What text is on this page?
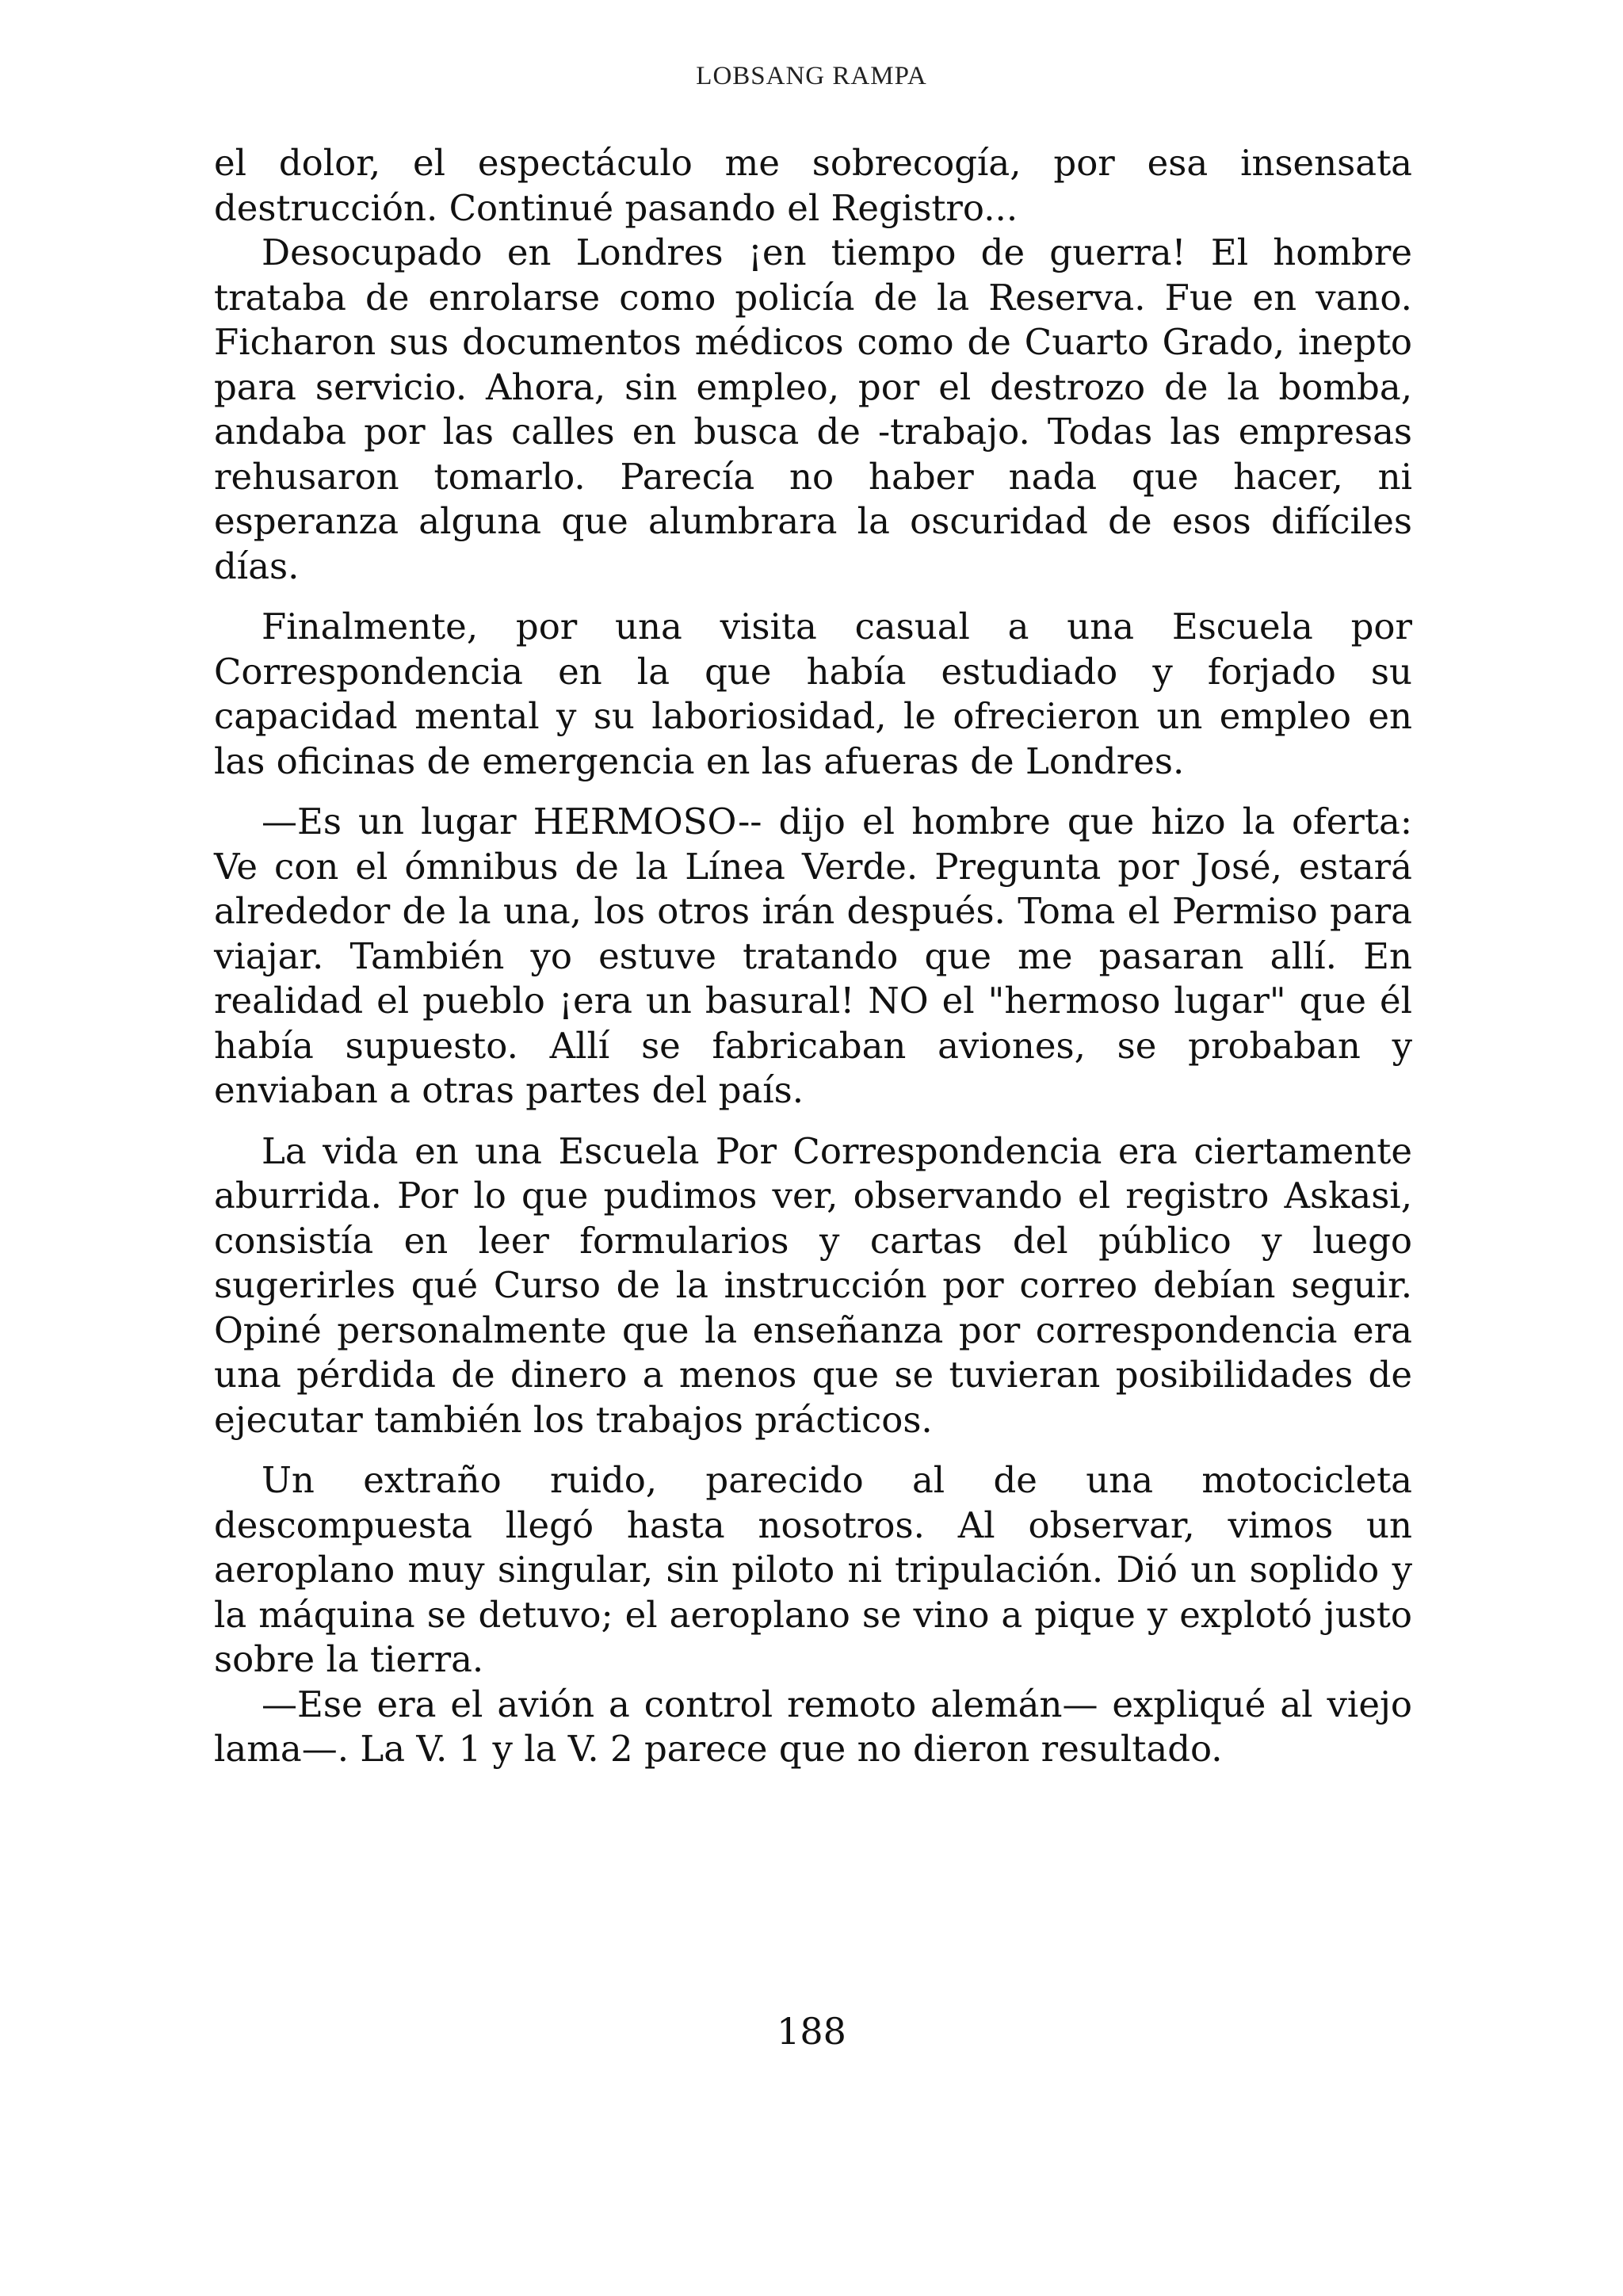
LOBSANG RAMPA

el dolor, el espectáculo me sobrecogía, por esa insensata destrucción. Continué pasando el Registro...

Desocupado en Londres ¡en tiempo de guerra! El hombre trataba de enrolarse como policía de la Reserva. Fue en vano. Ficharon sus documentos médicos como de Cuarto Grado, inepto para servicio. Ahora, sin empleo, por el destrozo de la bomba, andaba por las calles en busca de -trabajo. Todas las empresas rehusaron tomarlo. Parecía no haber nada que hacer, ni esperanza alguna que alumbrara la oscuridad de esos difíciles días.

Finalmente, por una visita casual a una Escuela por Correspondencia en la que había estudiado y forjado su capacidad mental y su laboriosidad, le ofrecieron un empleo en las oficinas de emergencia en las afueras de Londres.

—Es un lugar HERMOSO-- dijo el hombre que hizo la oferta: Ve con el ómnibus de la Línea Verde. Pregunta por José, estará alrededor de la una, los otros irán después. Toma el Permiso para viajar. También yo estuve tratando que me pasaran allí. En realidad el pueblo ¡era un basural! NO el "hermoso lugar" que él había supuesto. Allí se fabricaban aviones, se probaban y enviaban a otras partes del país.

La vida en una Escuela Por Correspondencia era ciertamente aburrida. Por lo que pudimos ver, observando el registro Askasi, consistía en leer formularios y cartas del público y luego sugerirles qué Curso de la instrucción por correo debían seguir. Opiné personalmente que la enseñanza por correspondencia era una pérdida de dinero a menos que se tuvieran posibilidades de ejecutar también los trabajos prácticos.

Un extraño ruido, parecido al de una motocicleta descompuesta llegó hasta nosotros. Al observar, vimos un aeroplano muy singular, sin piloto ni tripulación. Dió un soplido y la máquina se detuvo; el aeroplano se vino a pique y explotó justo sobre la tierra.

—Ese era el avión a control remoto alemán— expliqué al viejo lama—. La V. 1 y la V. 2 parece que no dieron resultado.

188
